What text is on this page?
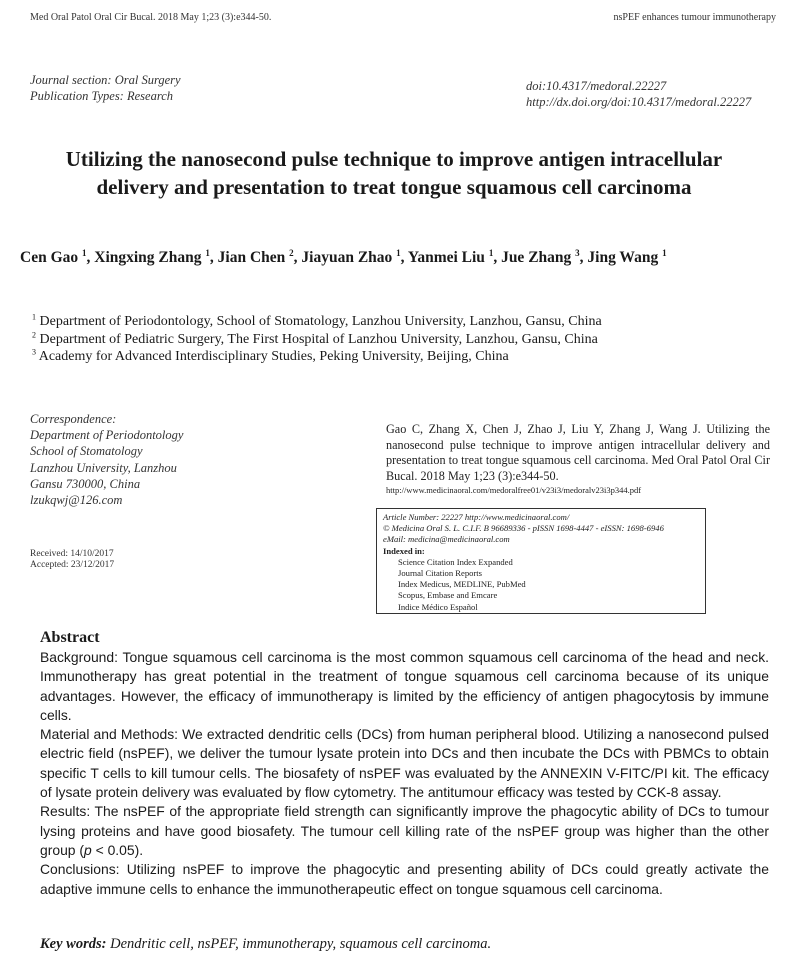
Med Oral Patol Oral Cir Bucal. 2018 May 1;23 (3):e344-50.	nsPEF enhances tumour immunotherapy
Journal section: Oral Surgery
Publication Types: Research
doi:10.4317/medoral.22227
http://dx.doi.org/doi:10.4317/medoral.22227
Utilizing the nanosecond pulse technique to improve antigen intracellular
delivery and presentation to treat tongue squamous cell carcinoma
Cen Gao $^1$, Xingxing Zhang $^1$, Jian Chen $^2$, Jiayuan Zhao $^1$, Yanmei Liu $^1$, Jue Zhang $^3$, Jing Wang $^1$
$^1$ Department of Periodontology, School of Stomatology, Lanzhou University, Lanzhou, Gansu, China
$^2$ Department of Pediatric Surgery, The First Hospital of Lanzhou University, Lanzhou, Gansu, China
$^3$ Academy for Advanced Interdisciplinary Studies, Peking University, Beijing, China
Correspondence:
Department of Periodontology
School of Stomatology
Lanzhou University, Lanzhou
Gansu 730000, China
lzukqwj@126.com
Received: 14/10/2017
Accepted: 23/12/2017
Gao C, Zhang X, Chen J, Zhao J, Liu Y, Zhang J, Wang J. Utilizing the nanosecond pulse technique to improve antigen intracellular delivery and presentation to treat tongue squamous cell carcinoma. Med Oral Patol Oral Cir Bucal. 2018 May 1;23 (3):e344-50.
http://www.medicinaoral.com/medoralfree01/v23i3/medoralv23i3p344.pdf
Article Number: 22227 http://www.medicinaoral.com/
© Medicina Oral S. L. C.I.F. B 96689336 - pISSN 1698-4447 - eISSN: 1698-6946
eMail: medicina@medicinaoral.com
Indexed in:
Science Citation Index Expanded
Journal Citation Reports
Index Medicus, MEDLINE, PubMed
Scopus, Embase and Emcare
Indice Médico Español
Abstract

Background: Tongue squamous cell carcinoma is the most common squamous cell carcinoma of the head and neck. Immunotherapy has great potential in the treatment of tongue squamous cell carcinoma because of its unique advantages. However, the efficacy of immunotherapy is limited by the efficiency of antigen phagocytosis by immune cells.

Material and Methods: We extracted dendritic cells (DCs) from human peripheral blood. Utilizing a nanosecond pulsed electric field (nsPEF), we deliver the tumour lysate protein into DCs and then incubate the DCs with PBMCs to obtain specific T cells to kill tumour cells. The biosafety of nsPEF was evaluated by the ANNEXIN V-FITC/PI kit. The efficacy of lysate protein delivery was evaluated by flow cytometry. The antitumour efficacy was tested by CCK-8 assay.

Results: The nsPEF of the appropriate field strength can significantly improve the phagocytic ability of DCs to tumour lysing proteins and have good biosafety. The tumour cell killing rate of the nsPEF group was higher than the other group (p < 0.05).

Conclusions: Utilizing nsPEF to improve the phagocytic and presenting ability of DCs could greatly activate the adaptive immune cells to enhance the immunotherapeutic effect on tongue squamous cell carcinoma.

Key words: Dendritic cell, nsPEF, immunotherapy, squamous cell carcinoma.
